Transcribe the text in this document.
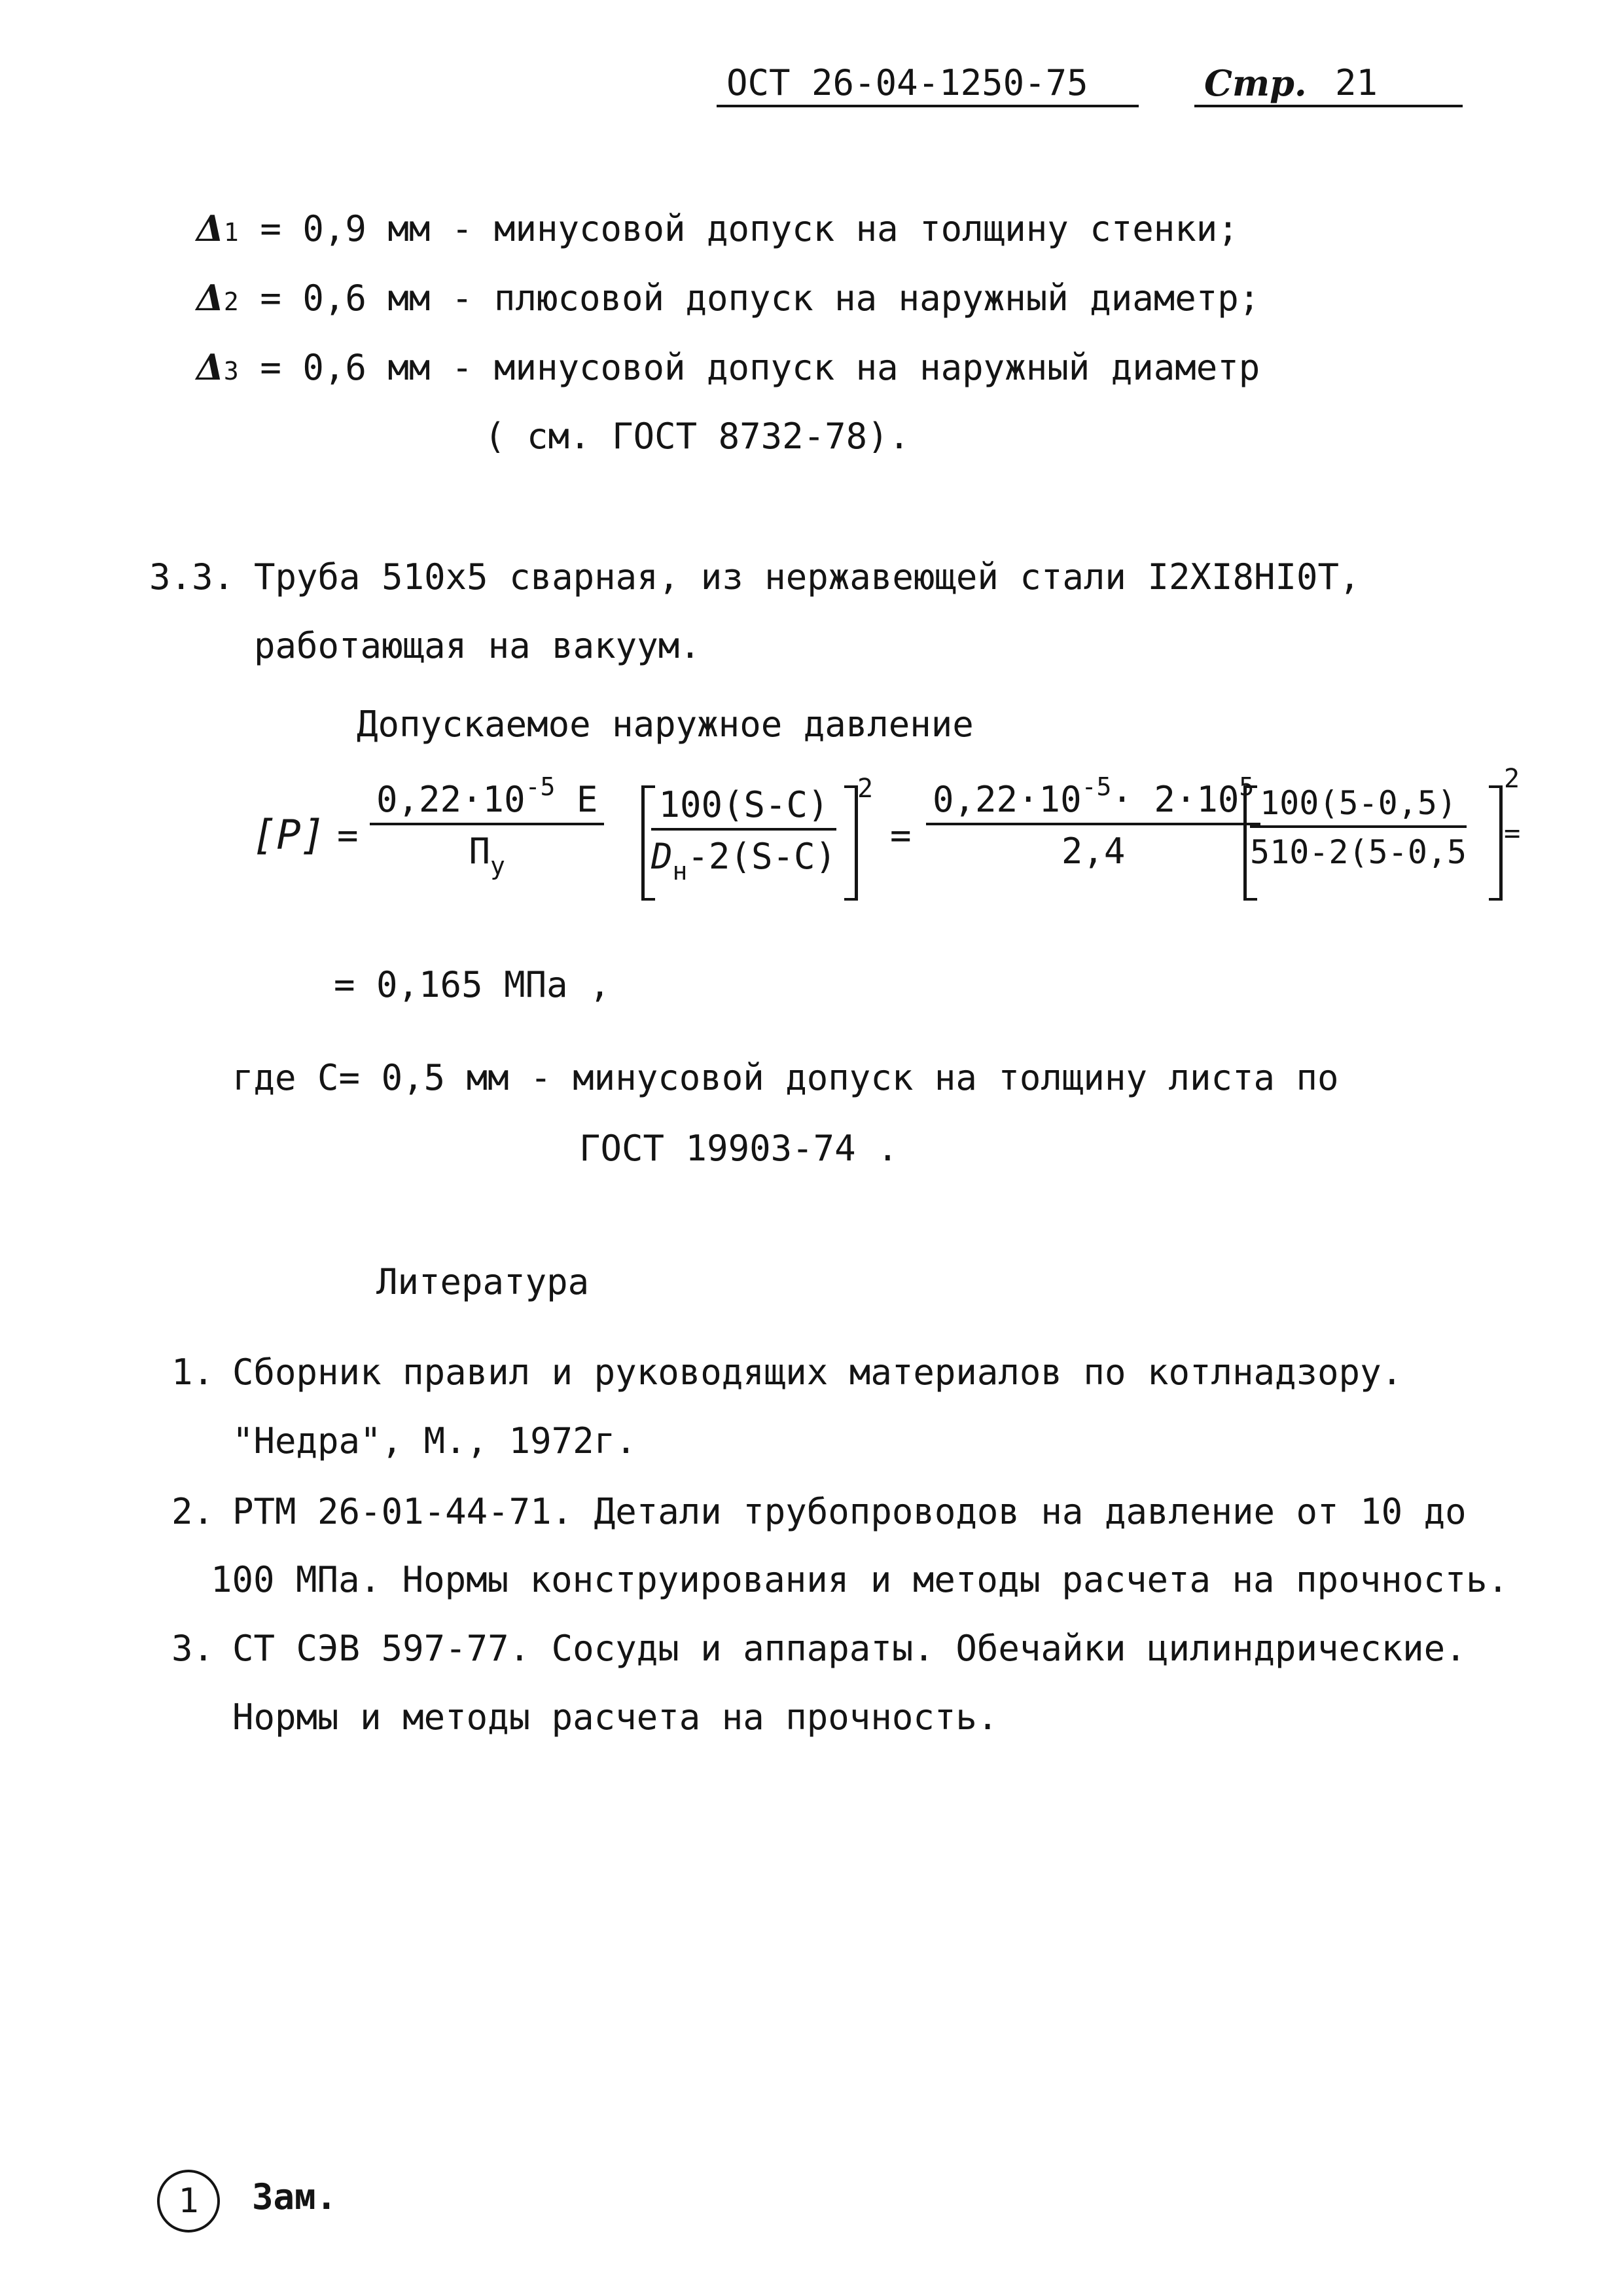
ОСТ 26-04-1250-75	Стр. 21
Δ1 = 0,9 мм - минусовой допуск на толщину стенки;
Δ2 = 0,6 мм - плюсовой допуск на наружный диаметр;
Δ3 = 0,6 мм - минусовой допуск на наружный диаметр
( см. ГОСТ 8732-78).
3.3. Труба 510х5 сварная, из нержавеющей стали I2XI8HI0T,
работающая на вакуум.
Допускаемое наружное давление
[P] =
$0,22\cdot 10^{-5}$ E
$П_у$
100(S-C)
$D_н-2(S-C)$
2
= $\frac{0,22\cdot 10^{-5}\cdot 2\cdot 10^5}{2,4}$
$\frac{100(5-0,5)}{510-2(5-0,5}$
2
=
= 0,165 МПа ,
где С= 0,5 мм - минусовой допуск на толщину листа по
ГОСТ 19903-74 .
Литература
1. Сборник правил и руководящих материалов по котлнадзору.
"Недра", М., 1972г.
2. РТМ 26-01-44-71. Детали трубопроводов на давление от 10 до
100 МПа. Нормы конструирования и методы расчета на прочность.
3. СТ СЭВ 597-77. Сосуды и аппараты. Обечайки цилиндрические.
Нормы и методы расчета на прочность.
1	Зам.
